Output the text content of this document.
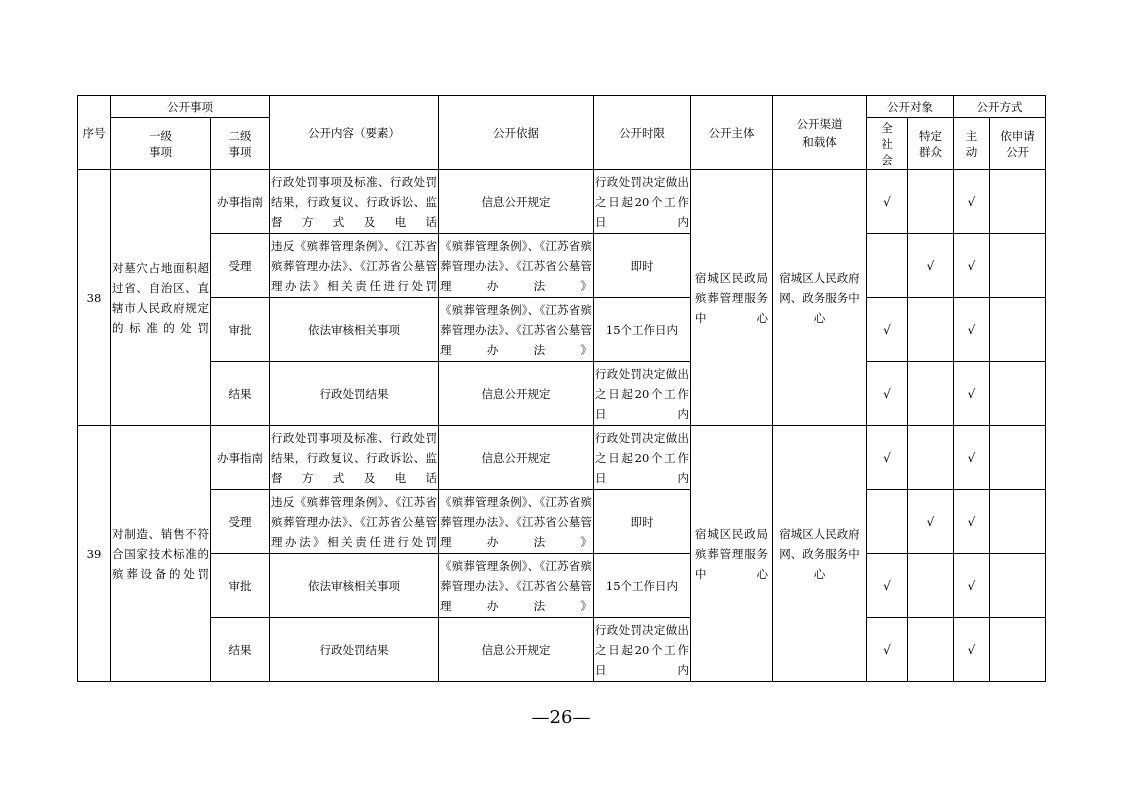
序号	公开事项		公开内容（要素）	公开依据	公开时限	公开主体	公开渠道和载体	公开对象		公开方式	
	一级事项	二级事项						全社会	特定群众	主动	依申请公开
38	对墓穴占地面积超过省、自治区、直辖市人民政府规定的标准的处罚	办事指南	行政处罚事项及标准、行政处罚结果，行政复议、行政诉讼、监督方式及电话	信息公开规定	行政处罚决定做出之日起20个工作日内	宿城区民政局殡葬管理服务中心	宿城区人民政府网、政务服务中心	√		√	
		受理	违反《殡葬管理条例》、《江苏省殡葬管理办法》、《江苏省公墓管理办法》相关责任进行处罚	《殡葬管理条例》、《江苏省殡葬管理办法》、《江苏省公墓管理办法》	即时				√	√	
		审批	依法审核相关事项	《殡葬管理条例》、《江苏省殡葬管理办法》、《江苏省公墓管理办法》	15个工作日内			√		√	
		结果	行政处罚结果	信息公开规定	行政处罚决定做出之日起20个工作日内			√		√	
39	对制造、销售不符合国家技术标准的殡葬设备的处罚	办事指南	行政处罚事项及标准、行政处罚结果，行政复议、行政诉讼、监督方式及电话	信息公开规定	行政处罚决定做出之日起20个工作日内	宿城区民政局殡葬管理服务中心	宿城区人民政府网、政务服务中心	√		√	
		受理	违反《殡葬管理条例》、《江苏省殡葬管理办法》、《江苏省公墓管理办法》相关责任进行处罚	《殡葬管理条例》、《江苏省殡葬管理办法》、《江苏省公墓管理办法》	即时				√	√	
		审批	依法审核相关事项	《殡葬管理条例》、《江苏省殡葬管理办法》、《江苏省公墓管理办法》	15个工作日内			√		√	
		结果	行政处罚结果	信息公开规定	行政处罚决定做出之日起20个工作日内			√		√	
—26—
